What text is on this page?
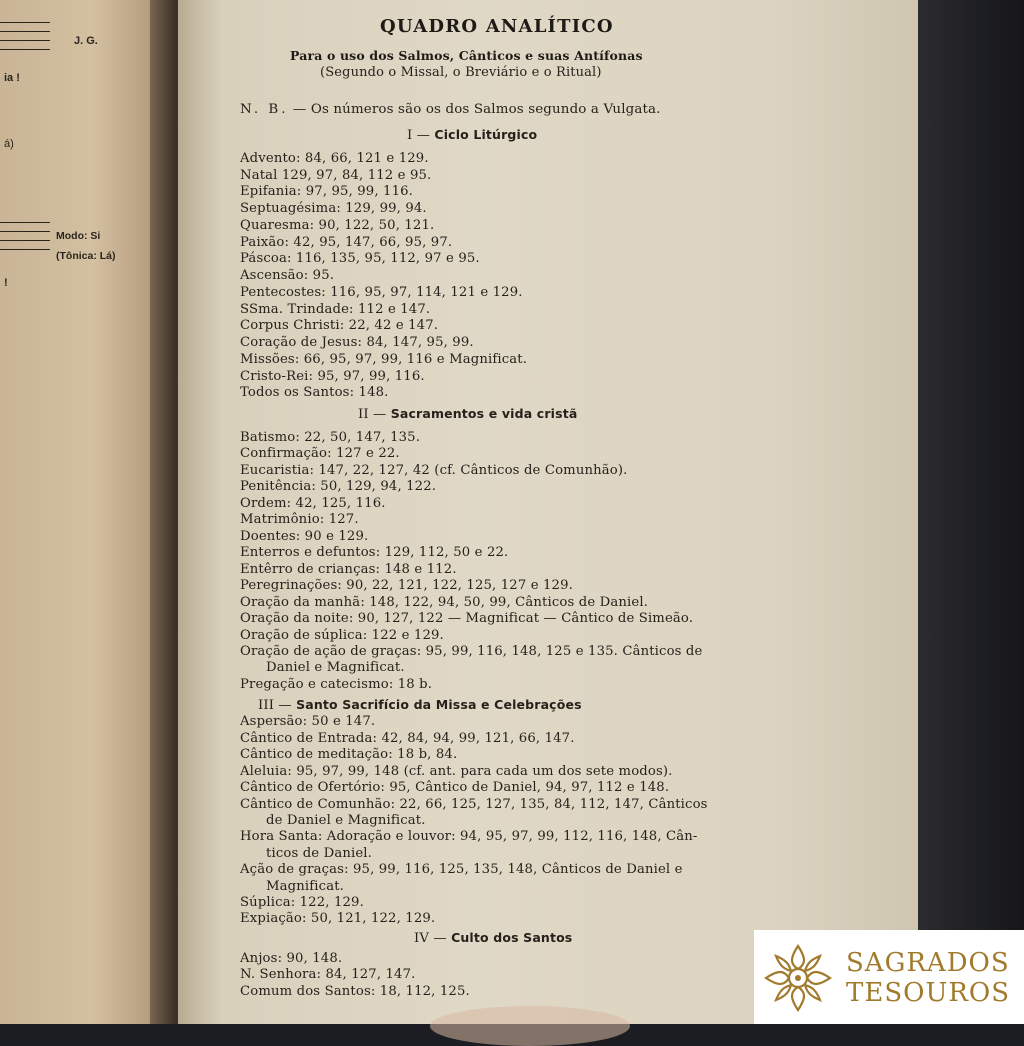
J. G.
ia !
á)
Modo: Si
(Tônica: Lá)
!
QUADRO ANALÍTICO
Para o uso dos Salmos, Cânticos e suas Antífonas
(Segundo o Missal, o Breviário e o Ritual)
N. B. — Os números são os dos Salmos segundo a Vulgata.
I — Ciclo Litúrgico
Advento: 84, 66, 121 e 129.
Natal 129, 97, 84, 112 e 95.
Epifania: 97, 95, 99, 116.
Septuagésima: 129, 99, 94.
Quaresma: 90, 122, 50, 121.
Paixão: 42, 95, 147, 66, 95, 97.
Páscoa: 116, 135, 95, 112, 97 e 95.
Ascensão: 95.
Pentecostes: 116, 95, 97, 114, 121 e 129.
SSma. Trindade: 112 e 147.
Corpus Christi: 22, 42 e 147.
Coração de Jesus: 84, 147, 95, 99.
Missões: 66, 95, 97, 99, 116 e Magnificat.
Cristo-Rei: 95, 97, 99, 116.
Todos os Santos: 148.
II — Sacramentos e vida cristã
Batismo: 22, 50, 147, 135.
Confirmação: 127 e 22.
Eucaristia: 147, 22, 127, 42 (cf. Cânticos de Comunhão).
Penitência: 50, 129, 94, 122.
Ordem: 42, 125, 116.
Matrimônio: 127.
Doentes: 90 e 129.
Enterros e defuntos: 129, 112, 50 e 22.
Entêrro de crianças: 148 e 112.
Peregrinações: 90, 22, 121, 122, 125, 127 e 129.
Oração da manhã: 148, 122, 94, 50, 99, Cânticos de Daniel.
Oração da noite: 90, 127, 122 — Magnificat — Cântico de Simeão.
Oração de súplica: 122 e 129.
Oração de ação de graças: 95, 99, 116, 148, 125 e 135. Cânticos de
Daniel e Magnificat.
Pregação e catecismo: 18 b.
III — Santo Sacrifício da Missa e Celebrações
Aspersão: 50 e 147.
Cântico de Entrada: 42, 84, 94, 99, 121, 66, 147.
Cântico de meditação: 18 b, 84.
Aleluia: 95, 97, 99, 148 (cf. ant. para cada um dos sete modos).
Cântico de Ofertório: 95, Cântico de Daniel, 94, 97, 112 e 148.
Cântico de Comunhão: 22, 66, 125, 127, 135, 84, 112, 147, Cânticos
de Daniel e Magnificat.
Hora Santa: Adoração e louvor: 94, 95, 97, 99, 112, 116, 148, Cân-
ticos de Daniel.
Ação de graças: 95, 99, 116, 125, 135, 148, Cânticos de Daniel e
Magnificat.
Súplica: 122, 129.
Expiação: 50, 121, 122, 129.
IV — Culto dos Santos
Anjos: 90, 148.
N. Senhora: 84, 127, 147.
Comum dos Santos: 18, 112, 125.
SAGRADOS
TESOUROS
